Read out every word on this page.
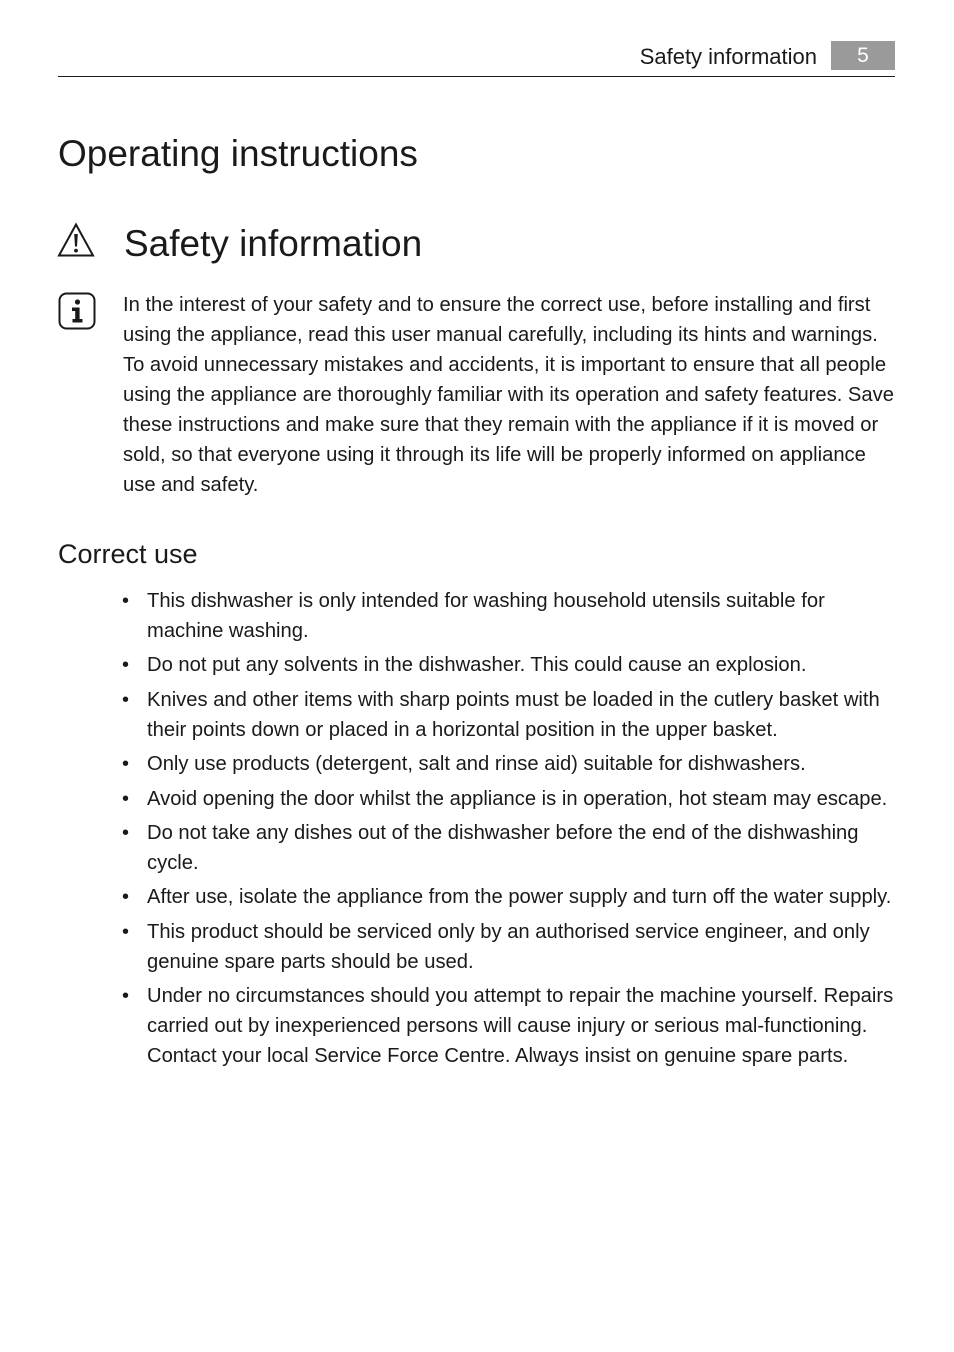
Safety information	5
Operating instructions
Safety information

In the interest of your safety and to ensure the correct use, before installing and first using the appliance, read this user manual carefully, including its hints and warnings. To avoid unnecessary mistakes and accidents, it is important to ensure that all people using the appliance are thoroughly familiar with its operation and safety features. Save these instructions and make sure that they remain with the appliance if it is moved or sold, so that everyone using it through its life will be properly informed on appliance use and safety.

Correct use
• This dishwasher is only intended for washing household utensils suitable for machine washing.
• Do not put any solvents in the dishwasher. This could cause an explosion.
• Knives and other items with sharp points must be loaded in the cutlery basket with their points down or placed in a horizontal position in the upper basket.
• Only use products (detergent, salt and rinse aid) suitable for dishwashers.
• Avoid opening the door whilst the appliance is in operation, hot steam may escape.
• Do not take any dishes out of the dishwasher before the end of the dishwashing cycle.
• After use, isolate the appliance from the power supply and turn off the water supply.
• This product should be serviced only by an authorised service engineer, and only genuine spare parts should be used.
• Under no circumstances should you attempt to repair the machine yourself. Repairs carried out by inexperienced persons will cause injury or serious mal-functioning. Contact your local Service Force Centre. Always insist on genuine spare parts.
